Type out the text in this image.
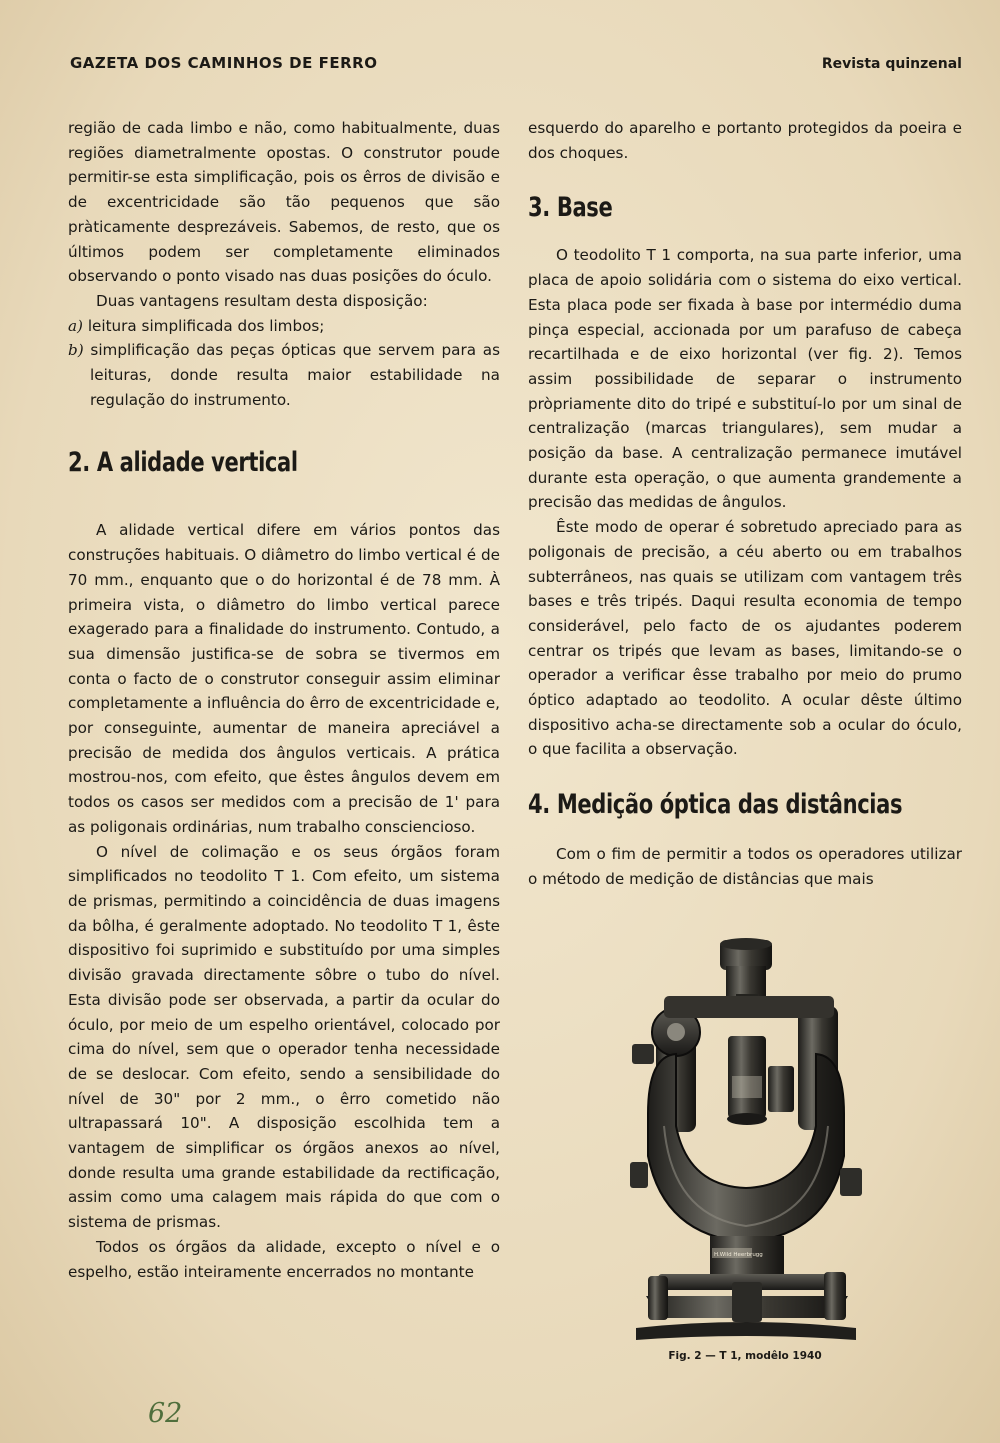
GAZETA DOS CAMINHOS DE FERRO	Revista quinzenal

região de cada limbo e não, como habitualmente, duas regiões diametralmente opostas. O construtor poude permitir-se esta simplificação, pois os êrros de divisão e de excentricidade são tão pequenos que são pràticamente desprezáveis. Sabemos, de resto, que os últimos podem ser completamente eliminados observando o ponto visado nas duas posições do óculo.

Duas vantagens resultam desta disposição:

a) leitura simplificada dos limbos;

b) simplificação das peças ópticas que servem para as leituras, donde resulta maior estabilidade na regulação do instrumento.

2. A alidade vertical

A alidade vertical difere em vários pontos das construções habituais. O diâmetro do limbo vertical é de 70 mm., enquanto que o do horizontal é de 78 mm. À primeira vista, o diâmetro do limbo vertical parece exagerado para a finalidade do instrumento. Contudo, a sua dimensão justifica-se de sobra se tivermos em conta o facto de o construtor conseguir assim eliminar completamente a influência do êrro de excentricidade e, por conseguinte, aumentar de maneira apreciável a precisão de medida dos ângulos verticais. A prática mostrou-nos, com efeito, que êstes ângulos devem em todos os casos ser medidos com a precisão de 1' para as poligonais ordinárias, num trabalho consciencioso.

O nível de colimação e os seus órgãos foram simplificados no teodolito T 1. Com efeito, um sistema de prismas, permitindo a coincidência de duas imagens da bôlha, é geralmente adoptado. No teodolito T 1, êste dispositivo foi suprimido e substituído por uma simples divisão gravada directamente sôbre o tubo do nível. Esta divisão pode ser observada, a partir da ocular do óculo, por meio de um espelho orientável, colocado por cima do nível, sem que o operador tenha necessidade de se deslocar. Com efeito, sendo a sensibilidade do nível de 30" por 2 mm., o êrro cometido não ultrapassará 10". A disposição escolhida tem a vantagem de simplificar os órgãos anexos ao nível, donde resulta uma grande estabilidade da rectificação, assim como uma calagem mais rápida do que com o sistema de prismas.

Todos os órgãos da alidade, excepto o nível e o espelho, estão inteiramente encerrados no montante

esquerdo do aparelho e portanto protegidos da poeira e dos choques.

3. Base

O teodolito T 1 comporta, na sua parte inferior, uma placa de apoio solidária com o sistema do eixo vertical. Esta placa pode ser fixada à base por intermédio duma pinça especial, accionada por um parafuso de cabeça recartilhada e de eixo horizontal (ver fig. 2). Temos assim possibilidade de separar o instrumento pròpriamente dito do tripé e substituí-lo por um sinal de centralização (marcas triangulares), sem mudar a posição da base. A centralização permanece imutável durante esta operação, o que aumenta grandemente a precisão das medidas de ângulos.

Êste modo de operar é sobretudo apreciado para as poligonais de precisão, a céu aberto ou em trabalhos subterrâneos, nas quais se utilizam com vantagem três bases e três tripés. Daqui resulta economia de tempo considerável, pelo facto de os ajudantes poderem centrar os tripés que levam as bases, limitando-se o operador a verificar êsse trabalho por meio do prumo óptico adaptado ao teodolito. A ocular dêste último dispositivo acha-se directamente sob a ocular do óculo, o que facilita a observação.

4. Medição óptica das distâncias

Com o fim de permitir a todos os operadores utilizar o método de medição de distâncias que mais

H.Wild Heerbrugg
Fig. 2 — T 1, modêlo 1940
62
